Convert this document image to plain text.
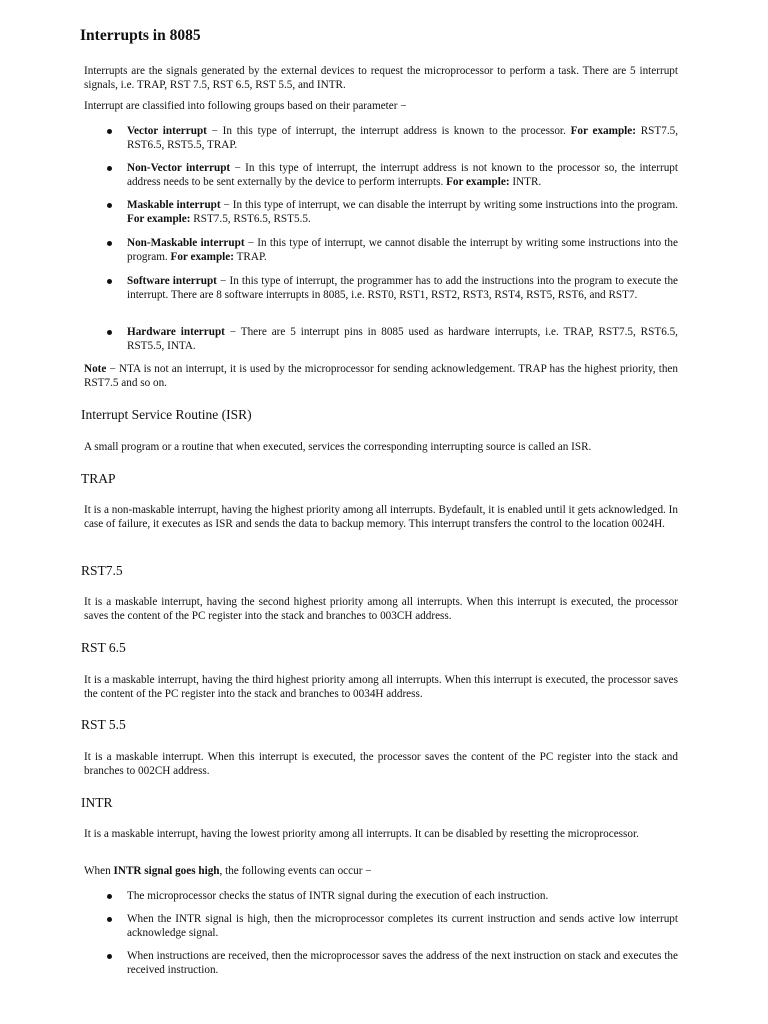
Interrupts in 8085

Interrupts are the signals generated by the external devices to request the microprocessor to perform a task. There are 5 interrupt signals, i.e. TRAP, RST 7.5, RST 6.5, RST 5.5, and INTR.

Interrupt are classified into following groups based on their parameter −

Vector interrupt − In this type of interrupt, the interrupt address is known to the processor. For example: RST7.5, RST6.5, RST5.5, TRAP.
Non-Vector interrupt − In this type of interrupt, the interrupt address is not known to the processor so, the interrupt address needs to be sent externally by the device to perform interrupts. For example: INTR.
Maskable interrupt − In this type of interrupt, we can disable the interrupt by writing some instructions into the program. For example: RST7.5, RST6.5, RST5.5.
Non-Maskable interrupt − In this type of interrupt, we cannot disable the interrupt by writing some instructions into the program. For example: TRAP.
Software interrupt − In this type of interrupt, the programmer has to add the instructions into the program to execute the interrupt. There are 8 software interrupts in 8085, i.e. RST0, RST1, RST2, RST3, RST4, RST5, RST6, and RST7.
Hardware interrupt − There are 5 interrupt pins in 8085 used as hardware interrupts, i.e. TRAP, RST7.5, RST6.5, RST5.5, INTA.

Note − NTA is not an interrupt, it is used by the microprocessor for sending acknowledgement. TRAP has the highest priority, then RST7.5 and so on.

Interrupt Service Routine (ISR)

A small program or a routine that when executed, services the corresponding interrupting source is called an ISR.

TRAP

It is a non-maskable interrupt, having the highest priority among all interrupts. Bydefault, it is enabled until it gets acknowledged. In case of failure, it executes as ISR and sends the data to backup memory. This interrupt transfers the control to the location 0024H.

RST7.5

It is a maskable interrupt, having the second highest priority among all interrupts. When this interrupt is executed, the processor saves the content of the PC register into the stack and branches to 003CH address.

RST 6.5

It is a maskable interrupt, having the third highest priority among all interrupts. When this interrupt is executed, the processor saves the content of the PC register into the stack and branches to 0034H address.

RST 5.5

It is a maskable interrupt. When this interrupt is executed, the processor saves the content of the PC register into the stack and branches to 002CH address.

INTR

It is a maskable interrupt, having the lowest priority among all interrupts. It can be disabled by resetting the microprocessor.

When INTR signal goes high, the following events can occur −

The microprocessor checks the status of INTR signal during the execution of each instruction.
When the INTR signal is high, then the microprocessor completes its current instruction and sends active low interrupt acknowledge signal.
When instructions are received, then the microprocessor saves the address of the next instruction on stack and executes the received instruction.
